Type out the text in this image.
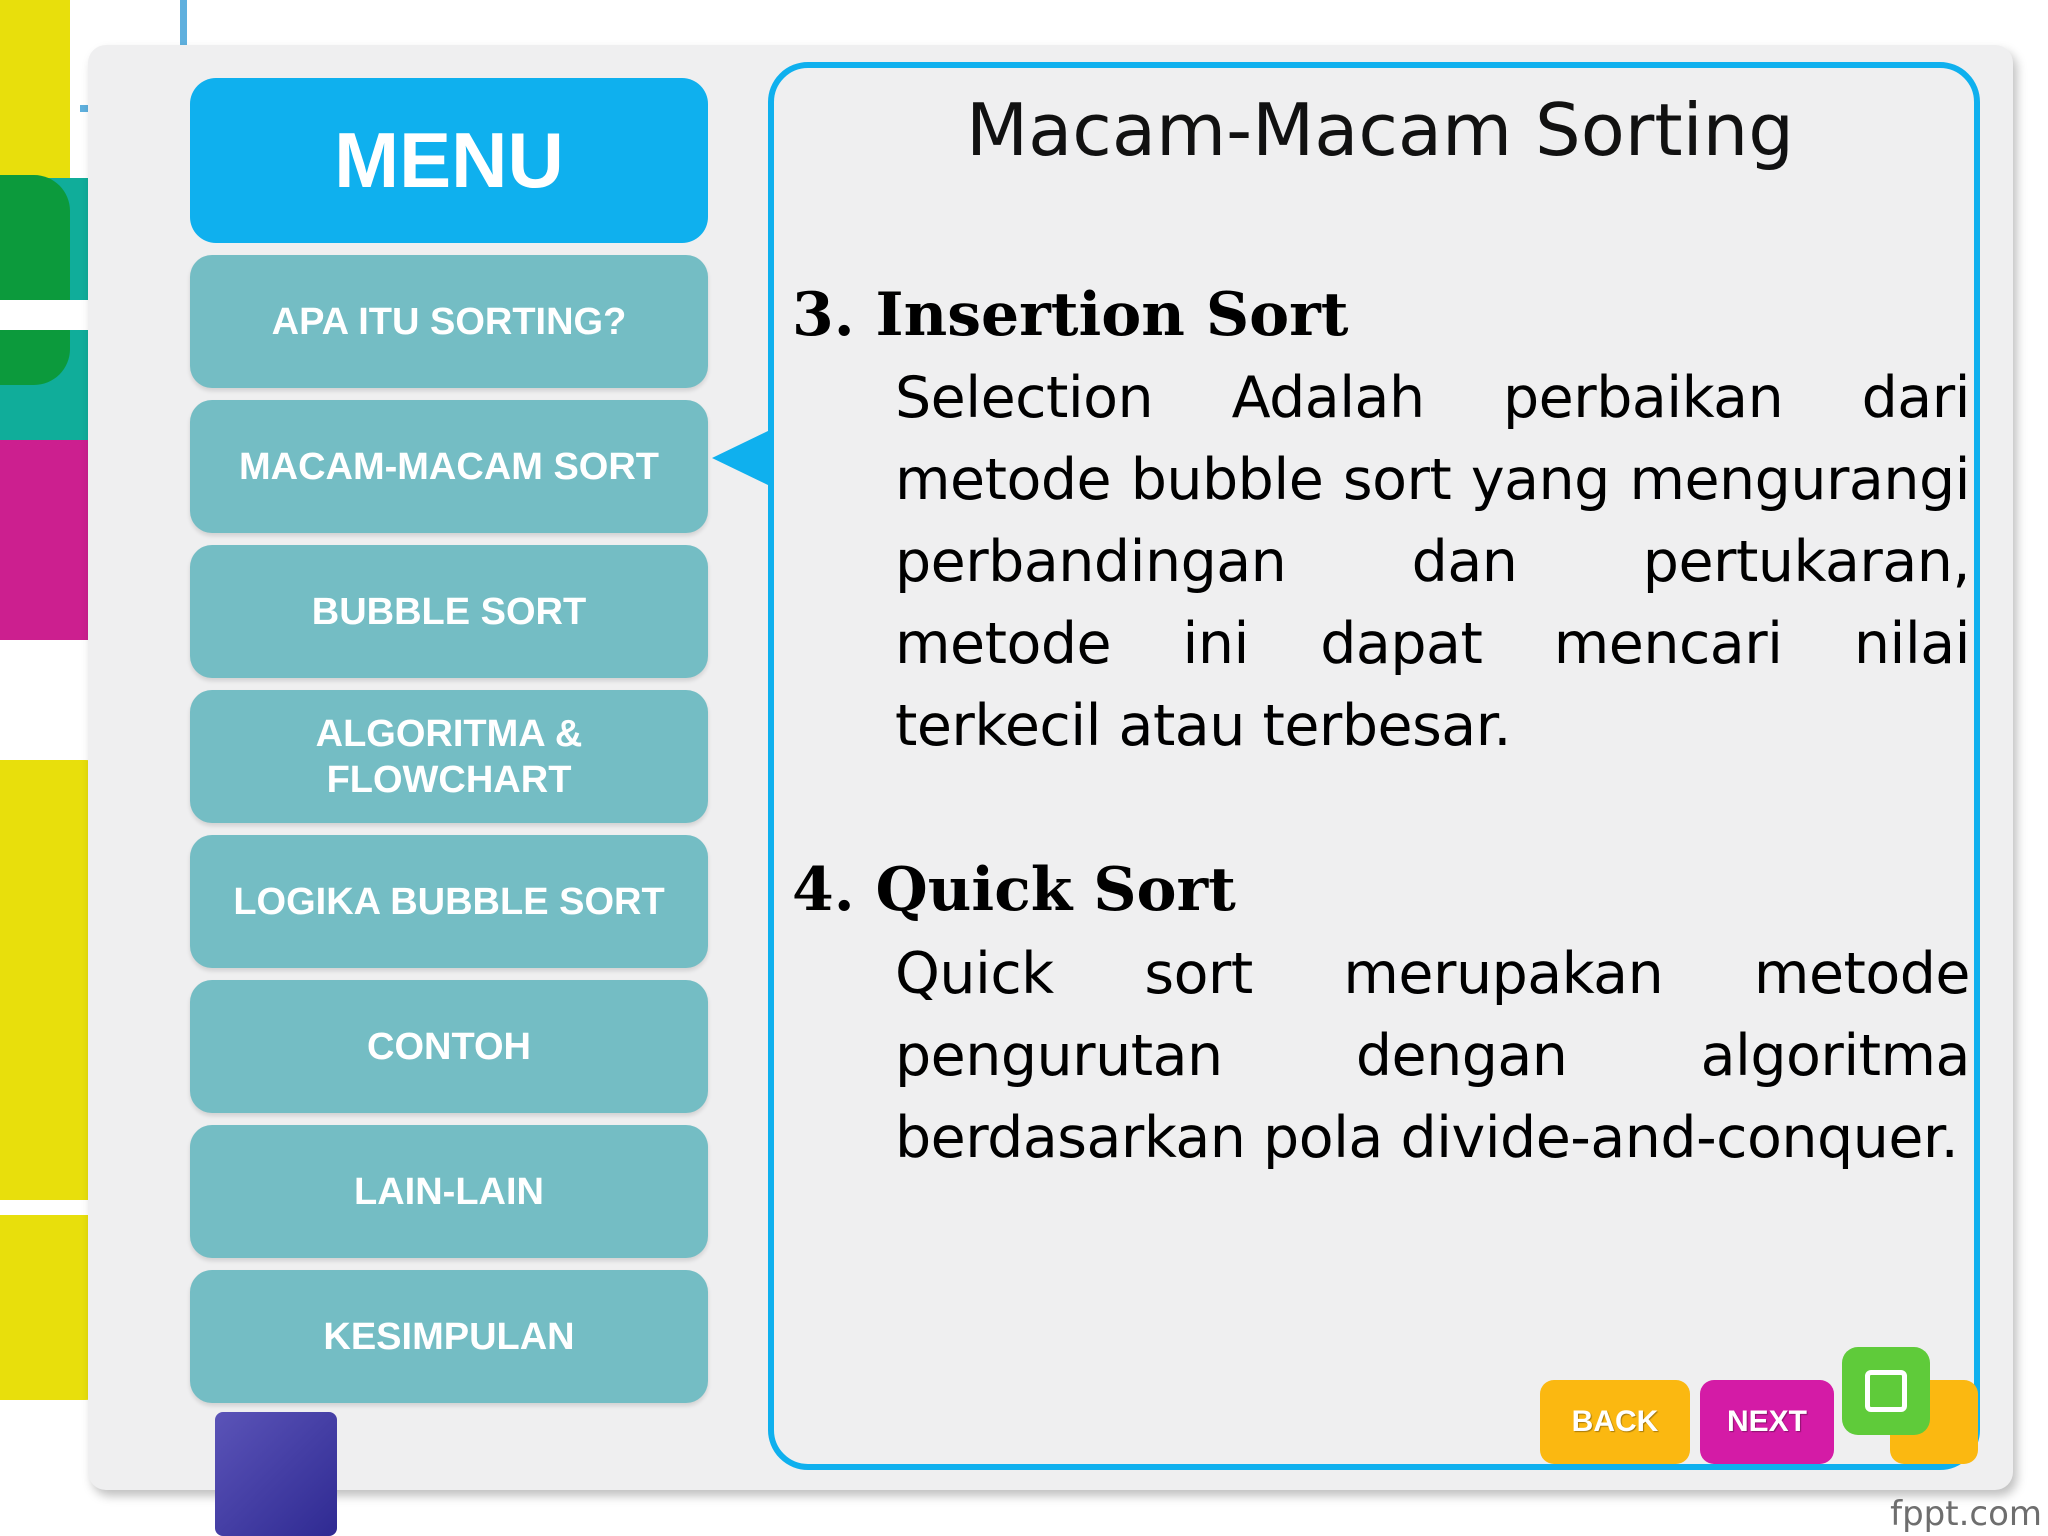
MENU
APA ITU SORTING?
MACAM-MACAM SORT
BUBBLE SORT
ALGORITMA & FLOWCHART
LOGIKA BUBBLE SORT
CONTOH
LAIN-LAIN
KESIMPULAN
Macam-Macam Sorting
3. Insertion Sort

Selection Adalah perbaikan dari metode bubble sort yang mengurangi perbandingan dan pertukaran, metode ini dapat mencari nilai terkecil atau terbesar.

4. Quick Sort

Quick sort merupakan metode pengurutan dengan algoritma berdasarkan pola divide-and-conquer.

BACK	NEXT
fppt.com
